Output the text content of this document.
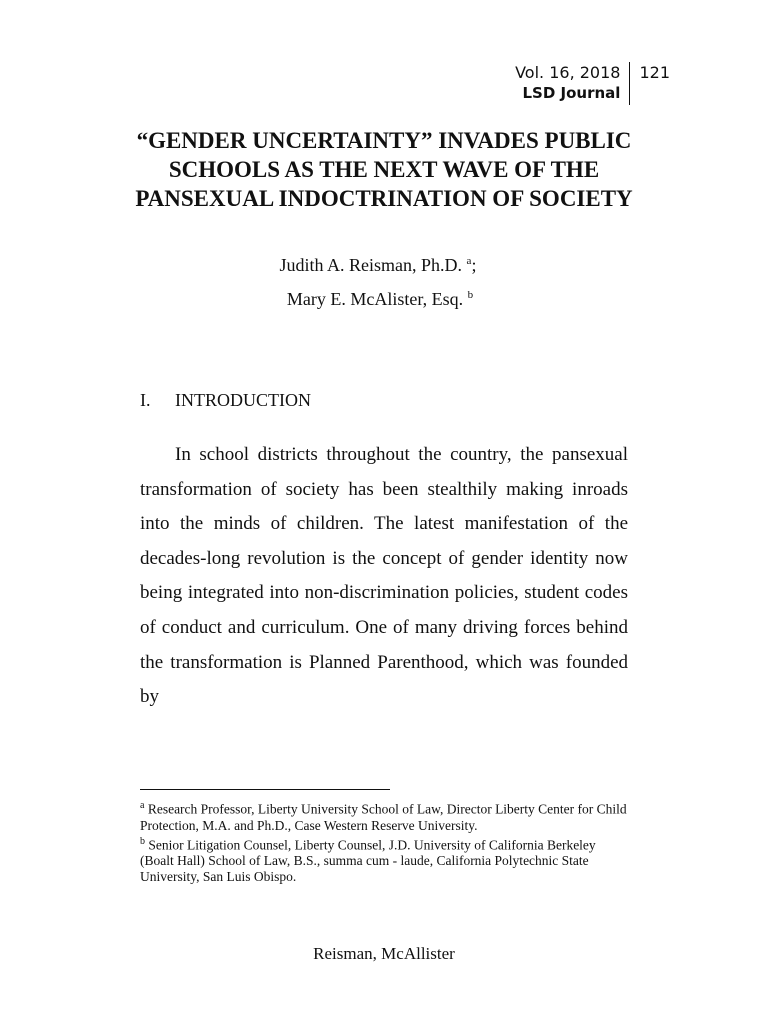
Vol. 16, 2018
LSD Journal
121
“GENDER UNCERTAINTY” INVADES PUBLIC SCHOOLS AS THE NEXT WAVE OF THE PANSEXUAL INDOCTRINATION OF SOCIETY
Judith A. Reisman, Ph.D. $^a$;
Mary E. McAlister, Esq. $^b$
I. INTRODUCTION

In school districts throughout the country, the pansexual transformation of society has been stealthily making inroads into the minds of children. The latest manifestation of the decades-long revolution is the concept of gender identity now being integrated into non-discrimination policies, student codes of conduct and curriculum. One of many driving forces behind the transformation is Planned Parenthood, which was founded by

$^a$ Research Professor, Liberty University School of Law, Director Liberty Center for Child Protection, M.A. and Ph.D., Case Western Reserve University.

$^b$ Senior Litigation Counsel, Liberty Counsel, J.D. University of California Berkeley (Boalt Hall) School of Law, B.S., summa cum - laude, California Polytechnic State University, San Luis Obispo.

Reisman, McAllister
